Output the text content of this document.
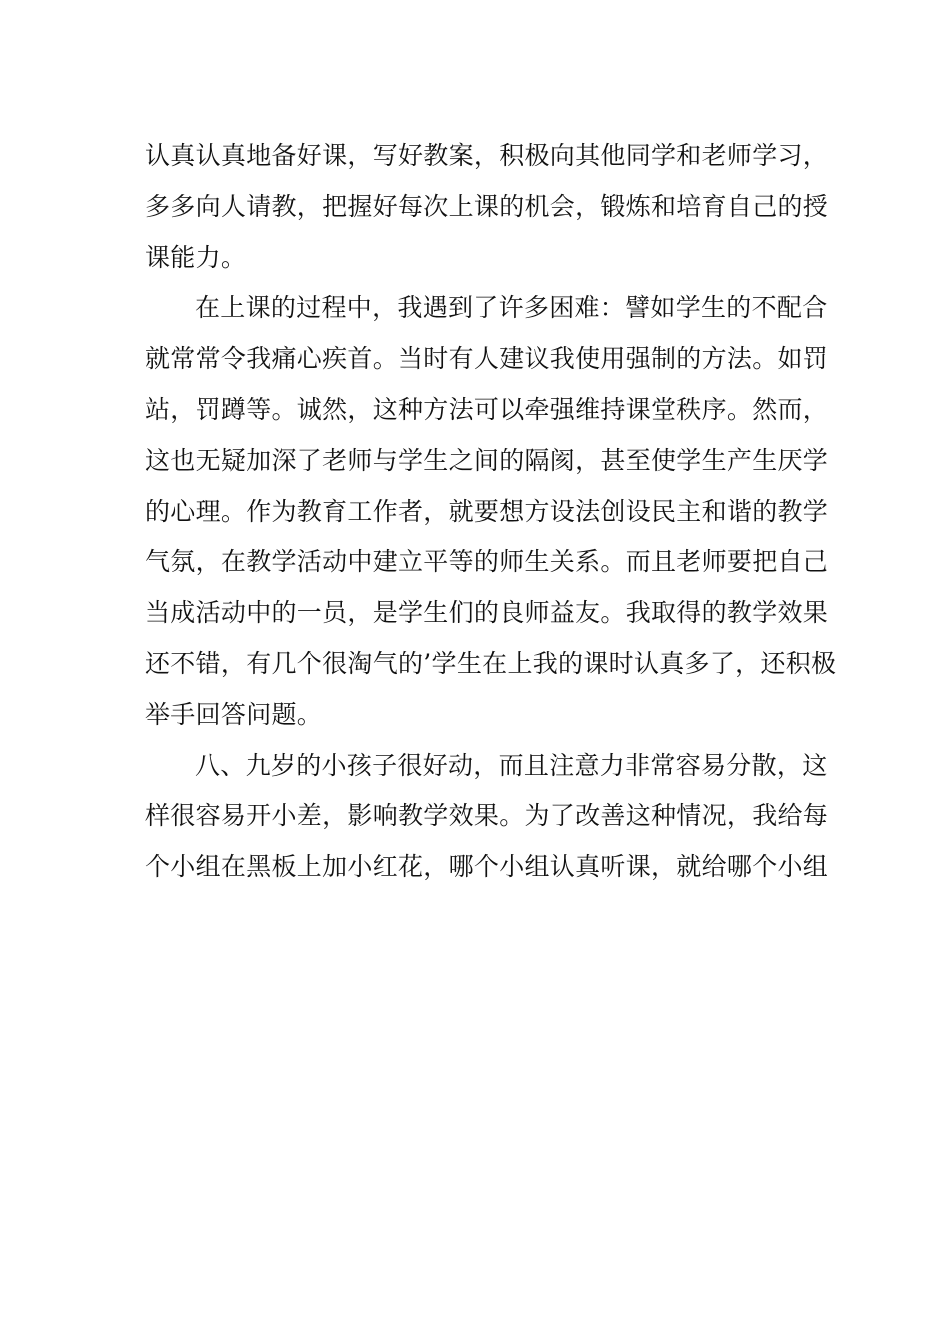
认真认真地备好课，写好教案，积极向其他同学和老师学习，
多多向人请教，把握好每次上课的机会，锻炼和培育自己的授
课能力。
在上课的过程中，我遇到了许多困难：譬如学生的不配合
就常常令我痛心疾首。当时有人建议我使用强制的方法。如罚
站，罚蹲等。诚然，这种方法可以牵强维持课堂秩序。然而，
这也无疑加深了老师与学生之间的隔阂，甚至使学生产生厌学
的心理。作为教育工作者，就要想方设法创设民主和谐的教学
气氛，在教学活动中建立平等的师生关系。而且老师要把自己
当成活动中的一员，是学生们的良师益友。我取得的教学效果
还不错，有几个很淘气的’学生在上我的课时认真多了，还积极
举手回答问题。
八、九岁的小孩子很好动，而且注意力非常容易分散，这
样很容易开小差，影响教学效果。为了改善这种情况，我给每
个小组在黑板上加小红花，哪个小组认真听课，就给哪个小组
